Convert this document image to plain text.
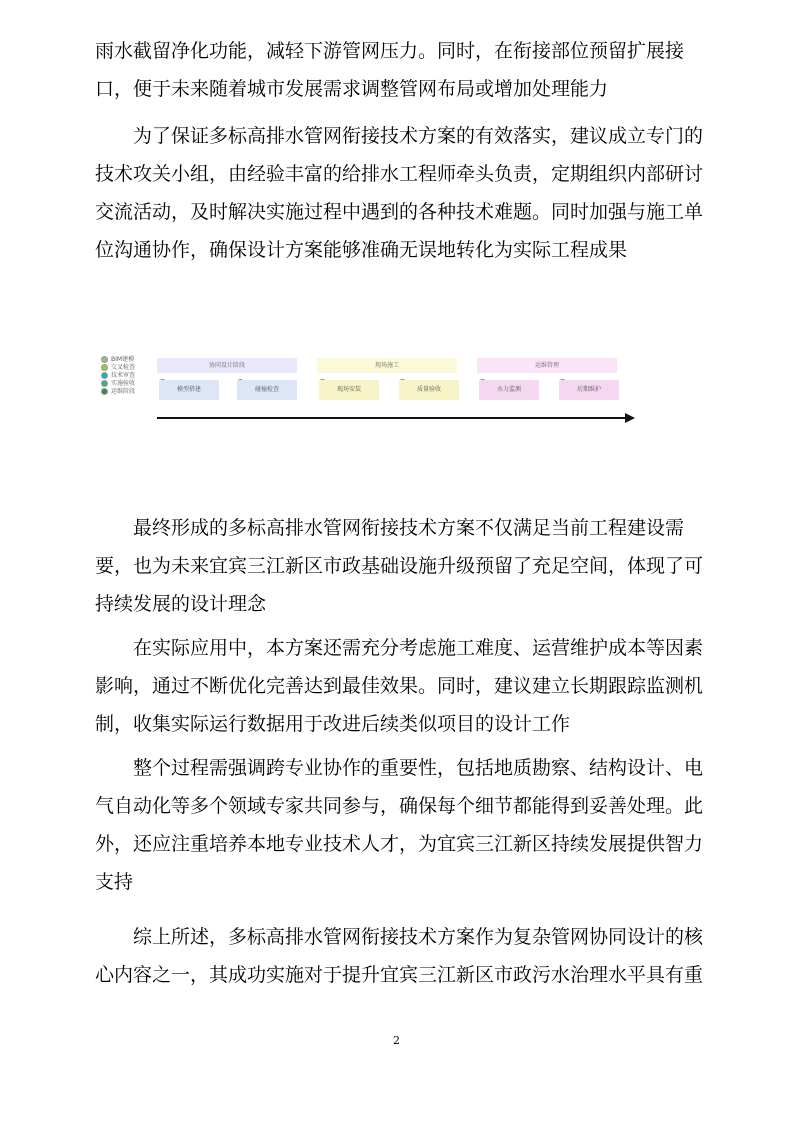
雨水截留净化功能，减轻下游管网压力。同时，在衔接部位预留扩展接
口，便于未来随着城市发展需求调整管网布局或增加处理能力
为了保证多标高排水管网衔接技术方案的有效落实，建议成立专门的
技术攻关小组，由经验丰富的给排水工程师牵头负责，定期组织内部研讨
交流活动，及时解决实施过程中遇到的各种技术难题。同时加强与施工单
位沟通协作，确保设计方案能够准确无误地转化为实际工程成果
BIM建模
交叉检查
技术审查
实施验收
运维阶段
协同设计阶段	现场施工	运维管理
模型搭建	碰撞检查	现场安装	质量验收	水力监测	后期维护
最终形成的多标高排水管网衔接技术方案不仅满足当前工程建设需
要，也为未来宜宾三江新区市政基础设施升级预留了充足空间，体现了可
持续发展的设计理念
在实际应用中，本方案还需充分考虑施工难度、运营维护成本等因素
影响，通过不断优化完善达到最佳效果。同时，建议建立长期跟踪监测机
制，收集实际运行数据用于改进后续类似项目的设计工作
整个过程需强调跨专业协作的重要性，包括地质勘察、结构设计、电
气自动化等多个领域专家共同参与，确保每个细节都能得到妥善处理。此
外，还应注重培养本地专业技术人才，为宜宾三江新区持续发展提供智力
支持
综上所述，多标高排水管网衔接技术方案作为复杂管网协同设计的核
心内容之一，其成功实施对于提升宜宾三江新区市政污水治理水平具有重
2
